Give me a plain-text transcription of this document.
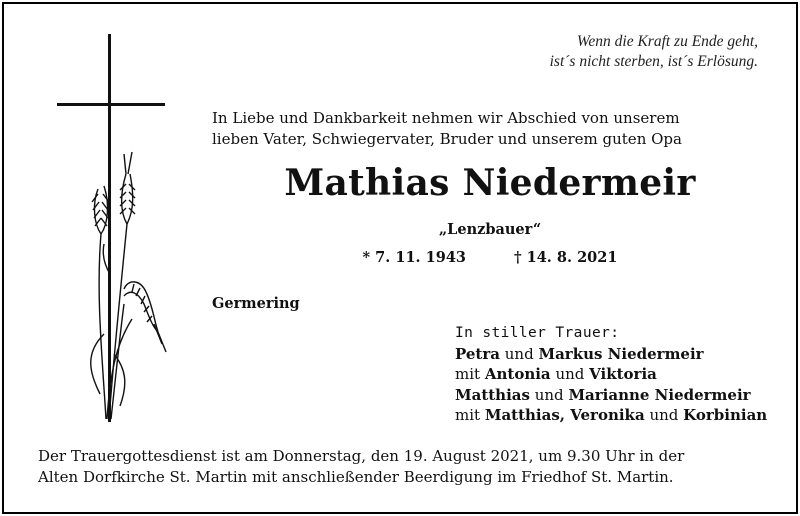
Wenn die Kraft zu Ende geht,
ist´s nicht sterben, ist´s Erlösung.
In Liebe und Dankbarkeit nehmen wir Abschied von unserem
lieben Vater, Schwiegervater, Bruder und unserem guten Opa
Mathias Niedermeir
„Lenzbauer“
* 7. 11. 1943	† 14. 8. 2021
Germering
In stiller Trauer:
Petra und Markus Niedermeir
mit Antonia und Viktoria
Matthias und Marianne Niedermeir
mit Matthias, Veronika und Korbinian
Der Trauergottesdienst ist am Donnerstag, den 19. August 2021, um 9.30 Uhr in der
Alten Dorfkirche St. Martin mit anschließender Beerdigung im Friedhof St. Martin.
